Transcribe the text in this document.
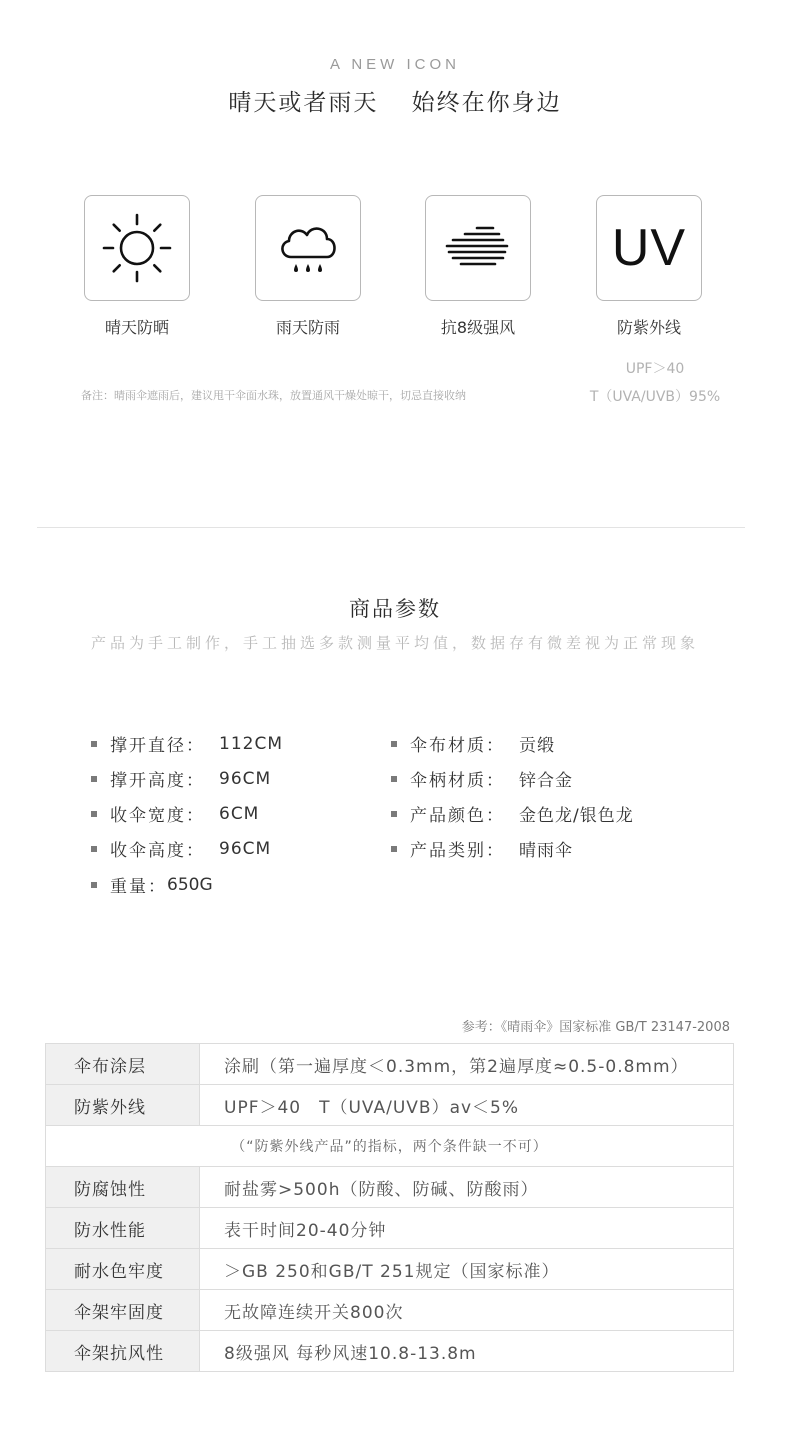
A NEW ICON
晴天或者雨天 始终在你身边
晴天防晒	雨天防雨	抗8级强风
UV
防紫外线
UPF＞40
T（UVA/UVB）95%
备注：晴雨伞遮雨后，建议甩干伞面水珠，放置通风干燥处晾干，切忌直接收纳
商品参数
产品为手工制作，手工抽选多款测量平均值，数据存有微差视为正常现象
撑开直径： 112CM
撑开高度： 96CM
收伞宽度： 6CM
收伞高度： 96CM
重量： 650G
伞布材质： 贡缎
伞柄材质： 锌合金
产品颜色： 金色龙/银色龙
产品类别： 晴雨伞
参考：《晴雨伞》国家标准 GB/T 23147-2008
伞布涂层	涂刷（第一遍厚度＜0.3mm，第2遍厚度≈0.5-0.8mm）
防紫外线	UPF＞40　T（UVA/UVB）av＜5%
（“防紫外线产品”的指标，两个条件缺一不可）	
防腐蚀性	耐盐雾>500h（防酸、防碱、防酸雨）
防水性能	表干时间20-40分钟
耐水色牢度	＞GB 250和GB/T 251规定（国家标准）
伞架牢固度	无故障连续开关800次
伞架抗风性	8级强风 每秒风速10.8-13.8m
